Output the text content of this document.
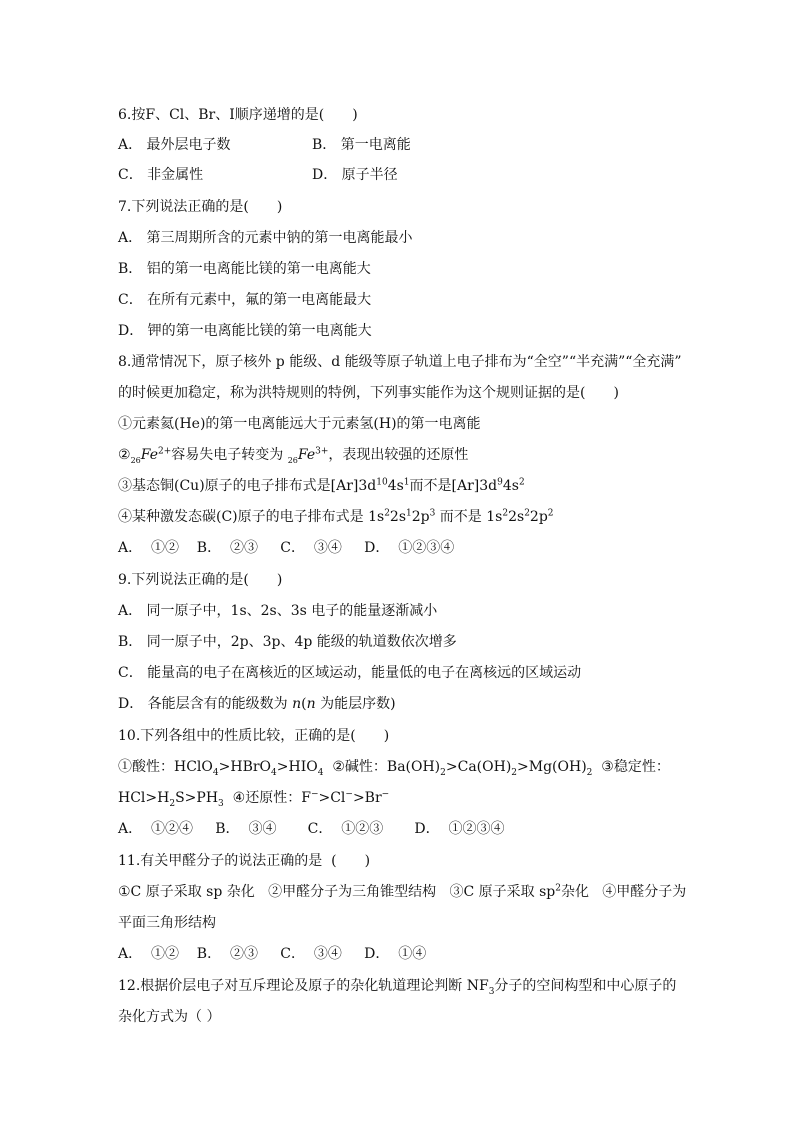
6.按F、Cl、Br、I顺序递增的是(　　)
A． 最外层电子数	B． 第一电离能
C． 非金属性	D． 原子半径
7.下列说法正确的是(　　)
A． 第三周期所含的元素中钠的第一电离能最小
B． 铝的第一电离能比镁的第一电离能大
C． 在所有元素中，氟的第一电离能最大
D． 钾的第一电离能比镁的第一电离能大
8.通常情况下，原子核外 p 能级、d 能级等原子轨道上电子排布为“全空”“半充满”“全充满”
的时候更加稳定，称为洪特规则的特例，下列事实能作为这个规则证据的是(　　)
①元素氦(He)的第一电离能远大于元素氢(H)的第一电离能
$②_{26}Fe^{2+}$容易失电子转变为 $_{26}Fe^{3+}$，表现出较强的还原性
③基态铜(Cu)原子的电子排布式是$[Ar]3d^{10}4s^1$而不是$[Ar]3d^94s^2$
④某种激发态碳(C)原子的电子排布式是 $1s^22s^12p^3$ 而不是 $1s^22s^22p^2$
A．  ①②    B．  ②③     C．  ③④     D．  ①②③④
9.下列说法正确的是(　　)
A． 同一原子中，1s、2s、3s 电子的能量逐渐减小
B． 同一原子中，2p、3p、4p 能级的轨道数依次增多
C． 能量高的电子在离核近的区域运动，能量低的电子在离核远的区域运动
D． 各能层含有的能级数为 n(n 为能层序数)
10.下列各组中的性质比较，正确的是(　　)
①酸性：$HClO_4>HBrO_4>HIO_4$  ②碱性：$Ba(OH)_2>Ca(OH)_2>Mg(OH)_2$  ③稳定性：
$HCl>H_2S>PH_3$  ④还原性：F−>Cl−>Br−
A．  ①②④     B．  ③④       C．  ①②③       D．  ①②③④
11.有关甲醛分子的说法正确的是  (　　)
①C 原子采取 sp 杂化   ②甲醛分子为三角锥型结构   ③C 原子采取 $sp^2$杂化   ④甲醛分子为
平面三角形结构
A．  ①②    B．  ②③     C．  ③④     D．  ①④
12.根据价层电子对互斥理论及原子的杂化轨道理论判断 $NF_3$分子的空间构型和中心原子的
杂化方式为（ ）
